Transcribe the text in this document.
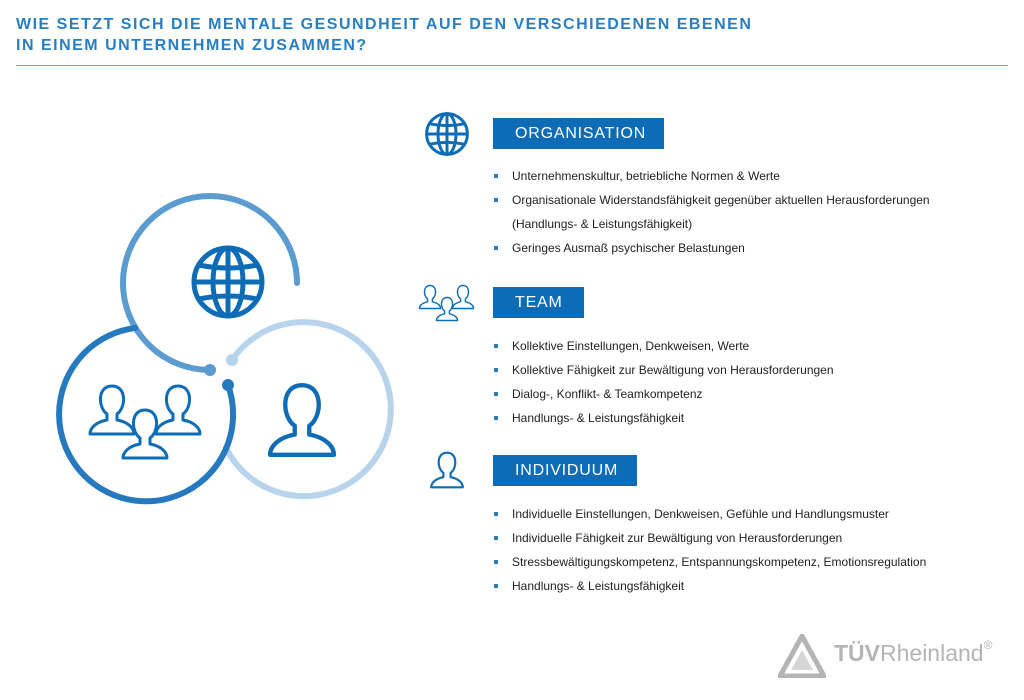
WIE SETZT SICH DIE MENTALE GESUNDHEIT AUF DEN VERSCHIEDENEN EBENEN
IN EINEM UNTERNEHMEN ZUSAMMEN?
ORGANISATION
Unternehmenskultur, betriebliche Normen & Werte
Organisationale Widerstandsfähigkeit gegenüber aktuellen Herausforderungen
(Handlungs- & Leistungsfähigkeit)
Geringes Ausmaß psychischer Belastungen
TEAM
Kollektive Einstellungen, Denkweisen, Werte
Kollektive Fähigkeit zur Bewältigung von Herausforderungen
Dialog-, Konflikt- & Teamkompetenz
Handlungs- & Leistungsfähigkeit
INDIVIDUUM
Individuelle Einstellungen, Denkweisen, Gefühle und Handlungsmuster
Individuelle Fähigkeit zur Bewältigung von Herausforderungen
Stressbewältigungskompetenz, Entspannungskompetenz, Emotionsregulation
Handlungs- & Leistungsfähigkeit
TÜVRheinland®
